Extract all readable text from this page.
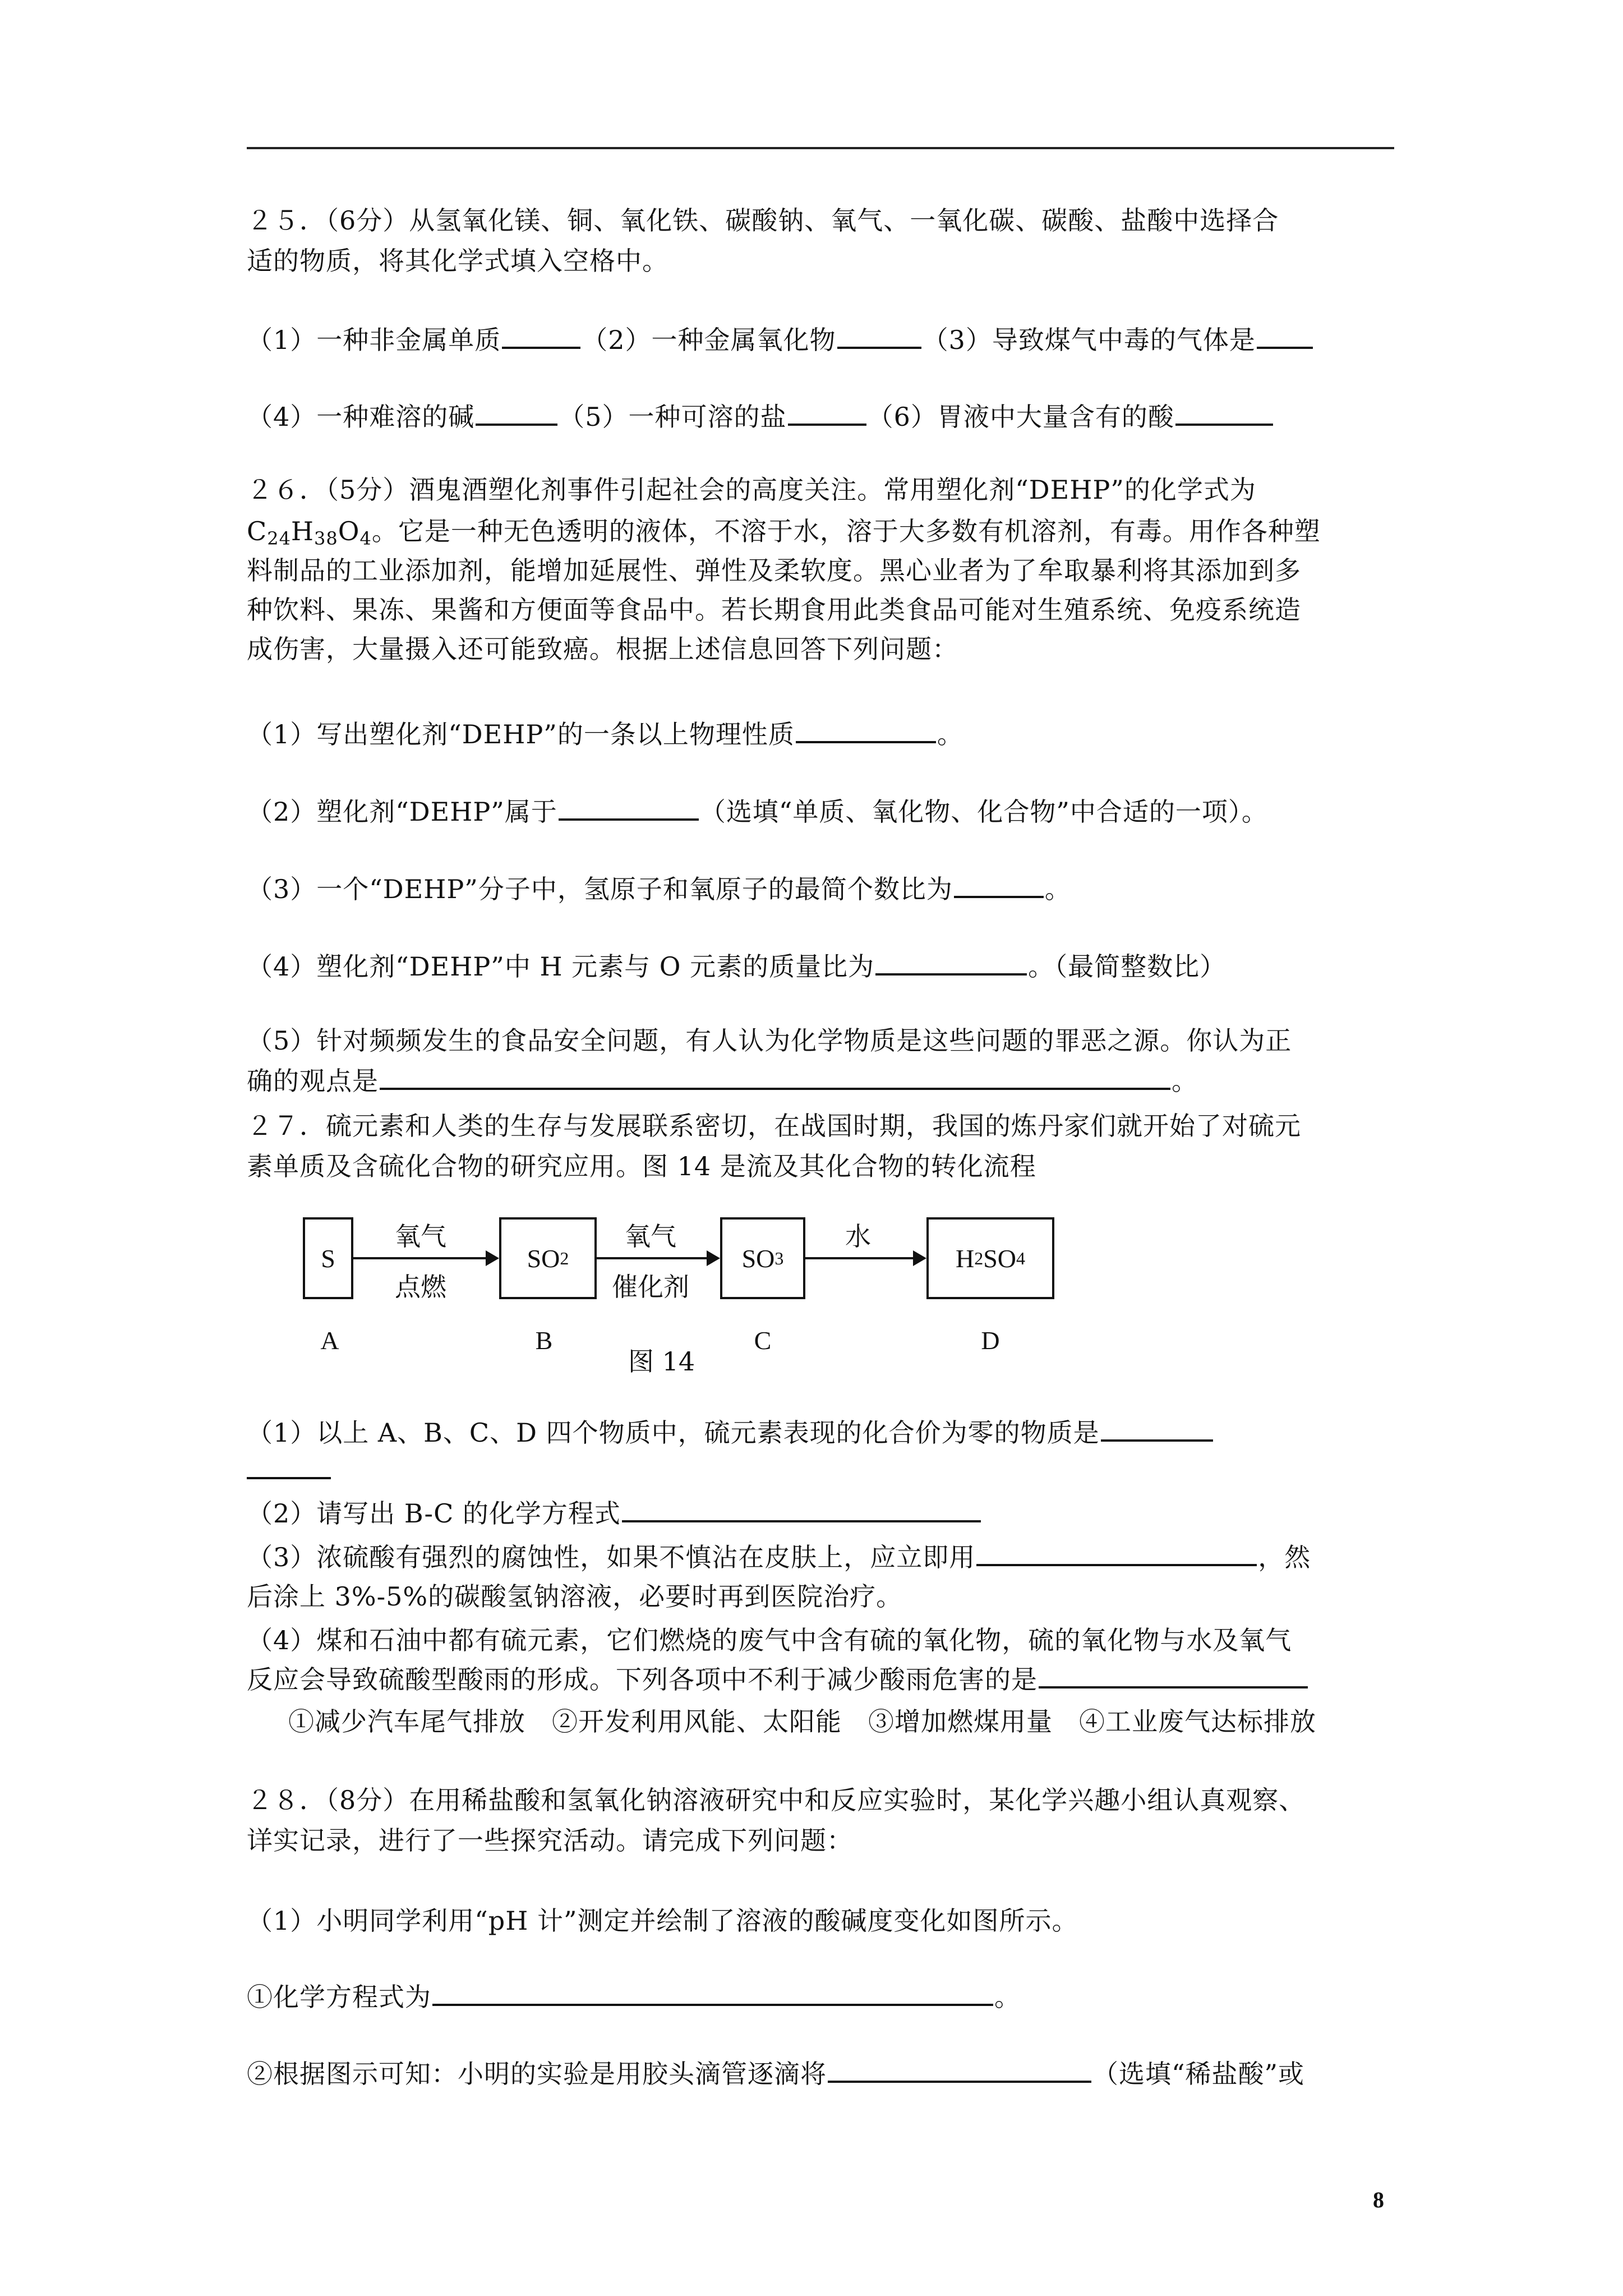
２５．（6分）从氢氧化镁、铜、氧化铁、碳酸钠、氧气、一氧化碳、碳酸、盐酸中选择合
适的物质，将其化学式填入空格中。
（1）一种非金属单质	（2）一种金属氧化物	（3）导致煤气中毒的气体是
（4）一种难溶的碱	（5）一种可溶的盐	（6）胃液中大量含有的酸
２６．（5分）酒鬼酒塑化剂事件引起社会的高度关注。常用塑化剂“DEHP”的化学式为
$C_{24}H_{38}O_4$。它是一种无色透明的液体，不溶于水，溶于大多数有机溶剂，有毒。用作各种塑
料制品的工业添加剂，能增加延展性、弹性及柔软度。黑心业者为了牟取暴利将其添加到多
种饮料、果冻、果酱和方便面等食品中。若长期食用此类食品可能对生殖系统、免疫系统造
成伤害，大量摄入还可能致癌。根据上述信息回答下列问题：
（1）写出塑化剂“DEHP”的一条以上物理性质	。
（2）塑化剂“DEHP”属于	（选填“单质、氧化物、化合物”中合适的一项）。
（3）一个“DEHP”分子中，氢原子和氧原子的最简个数比为	。
（4）塑化剂“DEHP”中 H 元素与 O 元素的质量比为	。（最简整数比）
（5）针对频频发生的食品安全问题，有人认为化学物质是这些问题的罪恶之源。你认为正
确的观点是	。
２７．硫元素和人类的生存与发展联系密切，在战国时期，我国的炼丹家们就开始了对硫元
素单质及含硫化合物的研究应用。图 14 是流及其化合物的转化流程
S
氧气
点燃
SO 2
氧气
催化剂
SO 3
水
H 2 SO 4
A	B	C	D
图 14
（1）以上 A、B、C、D 四个物质中，硫元素表现的化合价为零的物质是
（2）请写出 B-C 的化学方程式
（3）浓硫酸有强烈的腐蚀性，如果不慎沾在皮肤上，应立即用	，然
后涂上 3%-5%的碳酸氢钠溶液，必要时再到医院治疗。
（4）煤和石油中都有硫元素，它们燃烧的废气中含有硫的氧化物，硫的氧化物与水及氧气
反应会导致硫酸型酸雨的形成。下列各项中不利于减少酸雨危害的是
①减少汽车尾气排放　②开发利用风能、太阳能　③增加燃煤用量　④工业废气达标排放
２８．（8分）在用稀盐酸和氢氧化钠溶液研究中和反应实验时，某化学兴趣小组认真观察、
详实记录，进行了一些探究活动。请完成下列问题：
（1）小明同学利用“pH 计”测定并绘制了溶液的酸碱度变化如图所示。
①化学方程式为	。
②根据图示可知：小明的实验是用胶头滴管逐滴将	（选填“稀盐酸”或
8
